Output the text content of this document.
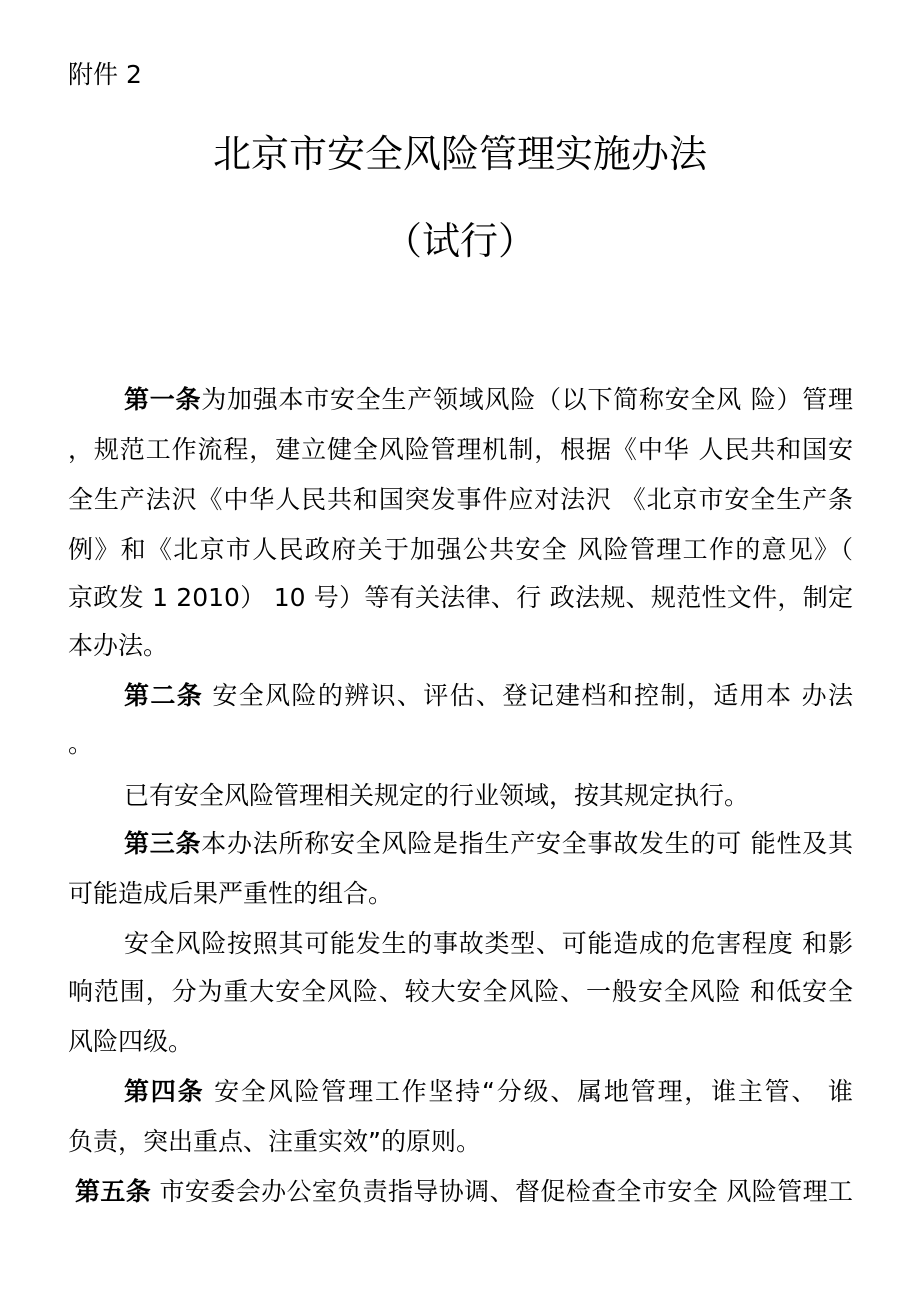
附件 2
北京市安全风险管理实施办法
（试行）
第一条为加强本市安全生产领域风险（以下简称安全风 险）管理
，规范工作流程，建立健全风险管理机制，根据《中华 人民共和国安
全生产法沢《中华人民共和国突发事件应对法沢 《北京市安全生产条
例》和《北京市人民政府关于加强公共安全 风险管理工作的意见》（
京政发 1 2010） 10 号）等有关法律、行 政法规、规范性文件，制定
本办法。
第二条 安全风险的辨识、评估、登记建档和控制，适用本 办法
。
已有安全风险管理相关规定的行业领域，按其规定执行。
第三条本办法所称安全风险是指生产安全事故发生的可 能性及其
可能造成后果严重性的组合。
安全风险按照其可能发生的事故类型、可能造成的危害程度 和影
响范围，分为重大安全风险、较大安全风险、一般安全风险 和低安全
风险四级。
第四条 安全风险管理工作坚持“分级、属地管理，谁主管、 谁
负责，突出重点、注重实效”的原则。
第五条 市安委会办公室负责指导协调、督促检查全市安全 风险管理工
